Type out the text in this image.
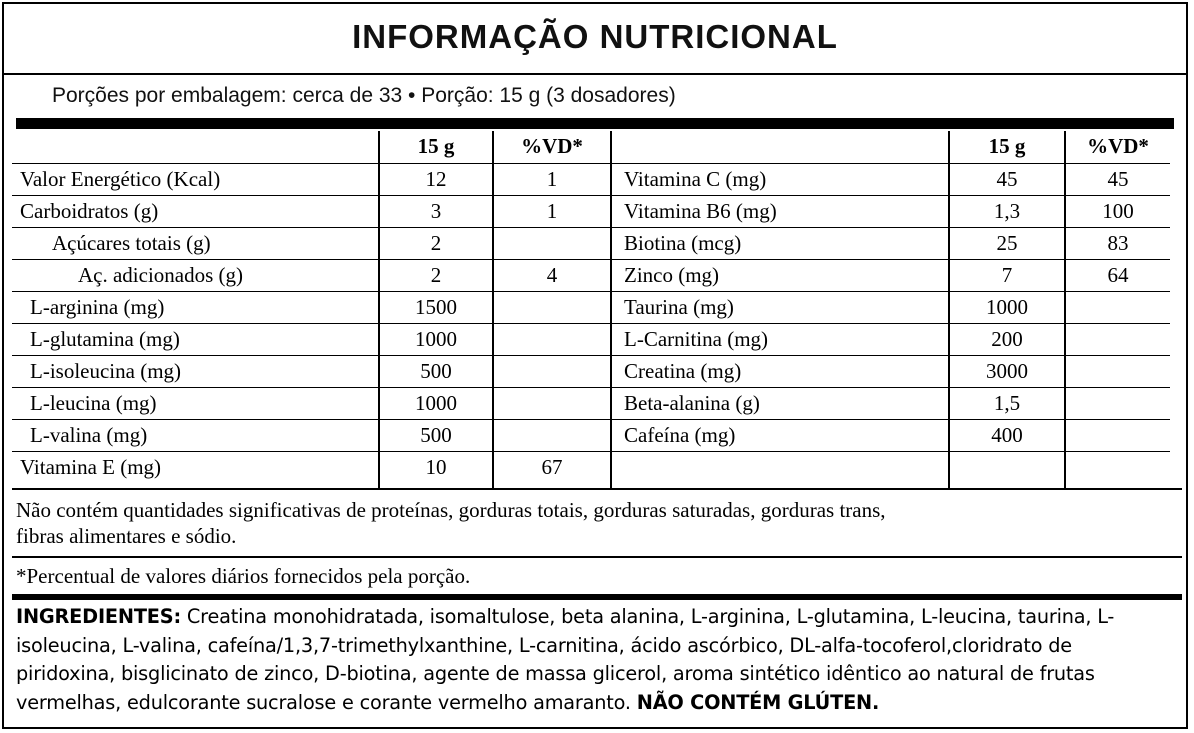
INFORMAÇÃO NUTRICIONAL
Porções por embalagem: cerca de 33 • Porção: 15 g (3 dosadores)
15 g	%VD*	15 g	%VD*
Valor Energético (Kcal)	12	1
Carboidratos (g)	3	1
Açúcares totais (g)	2
Aç. adicionados (g)	2	4
L-arginina (mg)	1500
L-glutamina (mg)	1000
L-isoleucina (mg)	500
L-leucina (mg)	1000
L-valina (mg)	500
Vitamina E (mg)	10	67
Vitamina C (mg)	45	45
Vitamina B6 (mg)	1,3	100
Biotina (mcg)	25	83
Zinco (mg)	7	64
Taurina (mg)	1000
L-Carnitina (mg)	200
Creatina (mg)	3000
Beta-alanina (g)	1,5
Cafeína (mg)	400
Não contém quantidades significativas de proteínas, gorduras totais, gorduras saturadas, gorduras trans,
fibras alimentares e sódio.
*Percentual de valores diários fornecidos pela porção.
INGREDIENTES: Creatina monohidratada, isomaltulose, beta alanina, L-arginina, L-glutamina, L-leucina, taurina, L-isoleucina, L-valina, cafeína/1,3,7-trimethylxanthine, L-carnitina, ácido ascórbico, DL-alfa-tocoferol,cloridrato de piridoxina, bisglicinato de zinco, D-biotina, agente de massa glicerol, aroma sintético idêntico ao natural de frutas vermelhas, edulcorante sucralose e corante vermelho amaranto. NÃO CONTÉM GLÚTEN.
